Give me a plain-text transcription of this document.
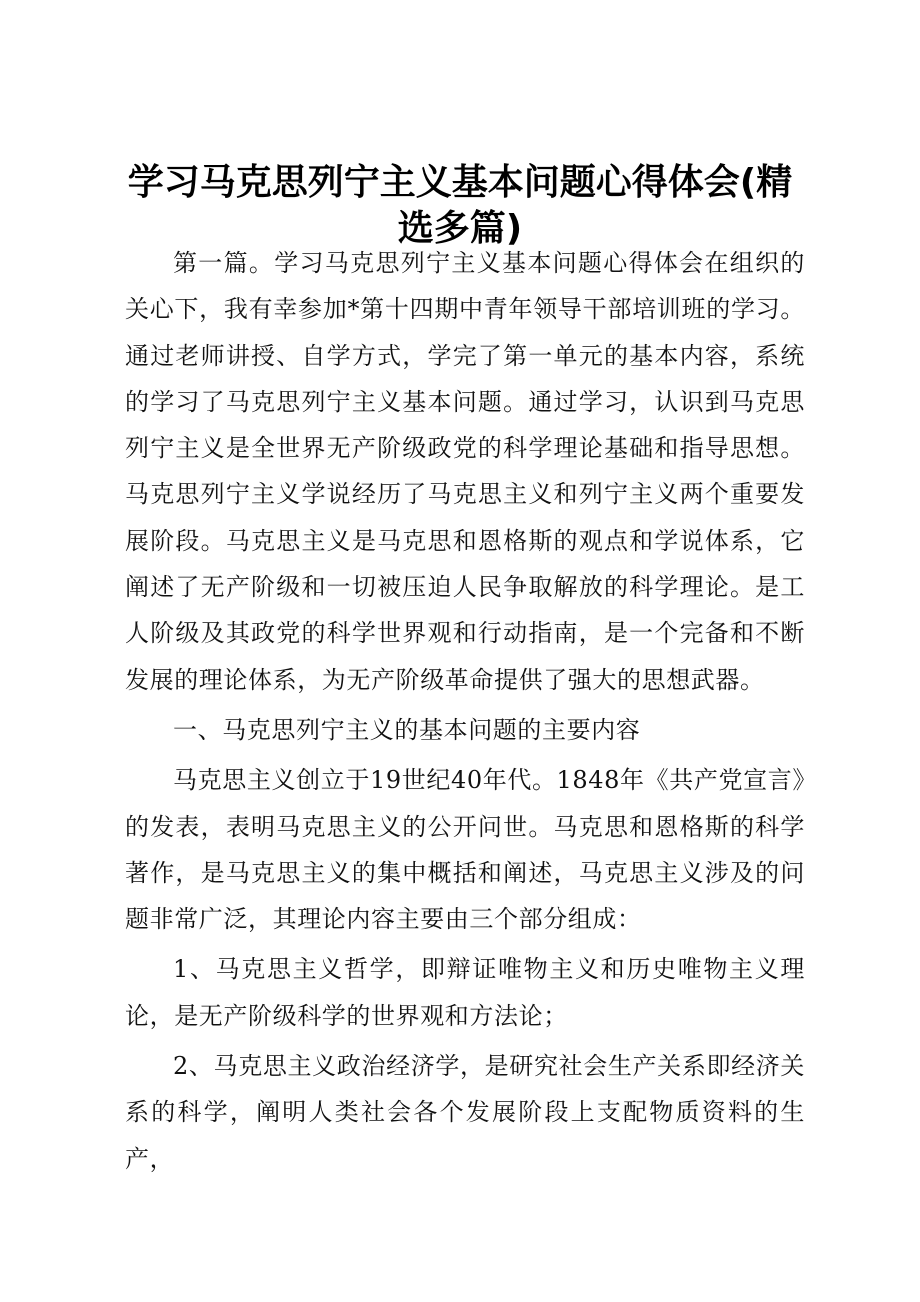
学习马克思列宁主义基本问题心得体会(精选多篇)

第一篇。学习马克思列宁主义基本问题心得体会在组织的关心下，我有幸参加*第十四期中青年领导干部培训班的学习。通过老师讲授、自学方式，学完了第一单元的基本内容，系统的学习了马克思列宁主义基本问题。通过学习，认识到马克思列宁主义是全世界无产阶级政党的科学理论基础和指导思想。马克思列宁主义学说经历了马克思主义和列宁主义两个重要发展阶段。马克思主义是马克思和恩格斯的观点和学说体系，它阐述了无产阶级和一切被压迫人民争取解放的科学理论。是工人阶级及其政党的科学世界观和行动指南，是一个完备和不断发展的理论体系，为无产阶级革命提供了强大的思想武器。

一、马克思列宁主义的基本问题的主要内容

马克思主义创立于19世纪40年代。1848年《共产党宣言》的发表，表明马克思主义的公开问世。马克思和恩格斯的科学著作，是马克思主义的集中概括和阐述，马克思主义涉及的问题非常广泛，其理论内容主要由三个部分组成：

1、马克思主义哲学，即辩证唯物主义和历史唯物主义理论，是无产阶级科学的世界观和方法论；

2、马克思主义政治经济学，是研究社会生产关系即经济关系的科学，阐明人类社会各个发展阶段上支配物质资料的生产，
